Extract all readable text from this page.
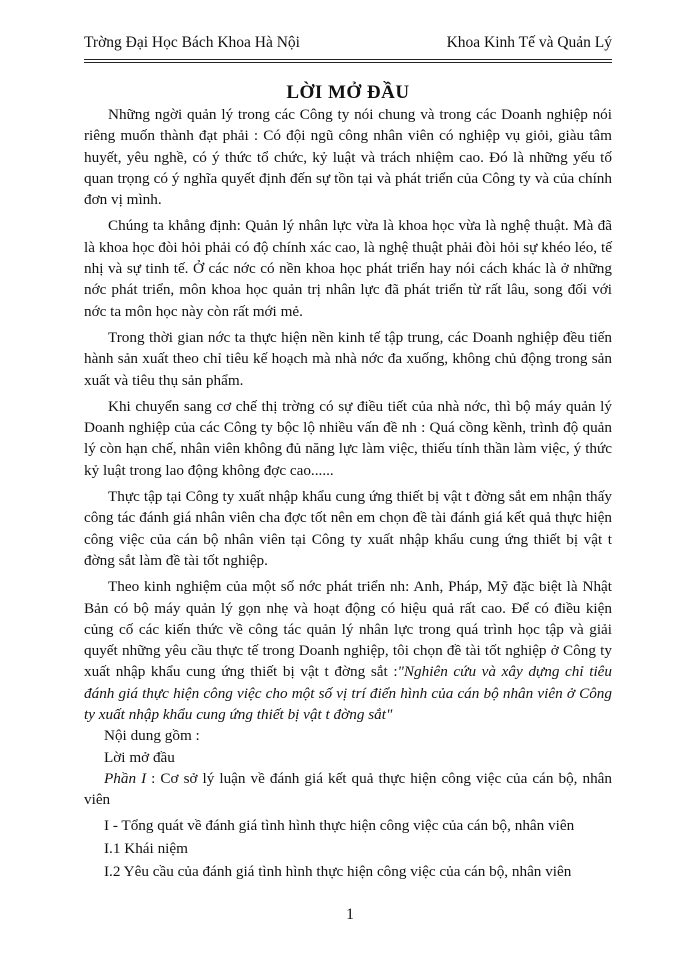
Trờng Đại Học Bách Khoa Hà Nội	Khoa Kinh Tế và Quản Lý
LỜI MỞ ĐẦU

Những ngời quản lý trong các Công ty nói chung và trong các Doanh nghiệp nói riêng muốn thành đạt phải : Có đội ngũ công nhân viên có nghiệp vụ giỏi, giàu tâm huyết, yêu nghề, có ý thức tổ chức, kỷ luật và trách nhiệm cao. Đó là những yếu tố quan trọng có ý nghĩa quyết định đến sự tồn tại và phát triển của Công ty và của chính đơn vị mình.

Chúng ta khẳng định: Quản lý nhân lực vừa là khoa học vừa là nghệ thuật. Mà đã là khoa học đòi hỏi phải có độ chính xác cao, là nghệ thuật phải đòi hỏi sự khéo léo, tế nhị và sự tinh tế. Ở các nớc có nền khoa học phát triển hay nói cách khác là ở những nớc phát triển, môn khoa học quản trị nhân lực đã phát triển từ rất lâu, song đối với nớc ta môn học này còn rất mới mẻ.

Trong thời gian nớc ta thực hiện nền kinh tế tập trung, các Doanh nghiệp đều tiến hành sản xuất theo chỉ tiêu kế hoạch mà nhà nớc đa xuống, không chủ động trong sản xuất và tiêu thụ sản phẩm.

Khi chuyển sang cơ chế thị trờng có sự điều tiết của nhà nớc, thì bộ máy quản lý Doanh nghiệp của các Công ty bộc lộ nhiều vấn đề nh : Quá cồng kềnh, trình độ quản lý còn hạn chế, nhân viên không đủ năng lực làm việc, thiếu tính thần làm việc, ý thức kỷ luật trong lao động không đợc cao......

Thực tập tại Công ty xuất nhập khẩu cung ứng thiết bị vật t đờng sắt em nhận thấy công tác đánh giá nhân viên cha đợc tốt nên em chọn đề tài đánh giá kết quả thực hiện công việc của cán bộ nhân viên tại Công ty xuất nhập khẩu cung ứng thiết bị vật t đờng sắt làm đề tài tốt nghiệp.

Theo kinh nghiệm của một số nớc phát triển nh: Anh, Pháp, Mỹ đặc biệt là Nhật Bản có bộ máy quản lý gọn nhẹ và hoạt động có hiệu quả rất cao. Để có điều kiện củng cố các kiến thức về công tác quản lý nhân lực trong quá trình học tập và giải quyết những yêu cầu thực tế trong Doanh nghiệp, tôi chọn đề tài tốt nghiệp ở Công ty xuất nhập khẩu cung ứng thiết bị vật t đờng sắt :"Nghiên cứu và xây dựng chỉ tiêu đánh giá thực hiện công việc cho một số vị trí điển hình của cán bộ nhân viên ở Công ty xuất nhập khẩu cung ứng thiết bị vật t đờng sắt"

Nội dung gồm :

Lời mở đầu

Phần I : Cơ sở lý luận về đánh giá kết quả thực hiện công việc của cán bộ, nhân viên

I - Tổng quát về đánh giá tình hình thực hiện công việc của cán bộ, nhân viên

I.1 Khái niệm

I.2 Yêu cầu của đánh giá tình hình thực hiện công việc của cán bộ, nhân viên

1
